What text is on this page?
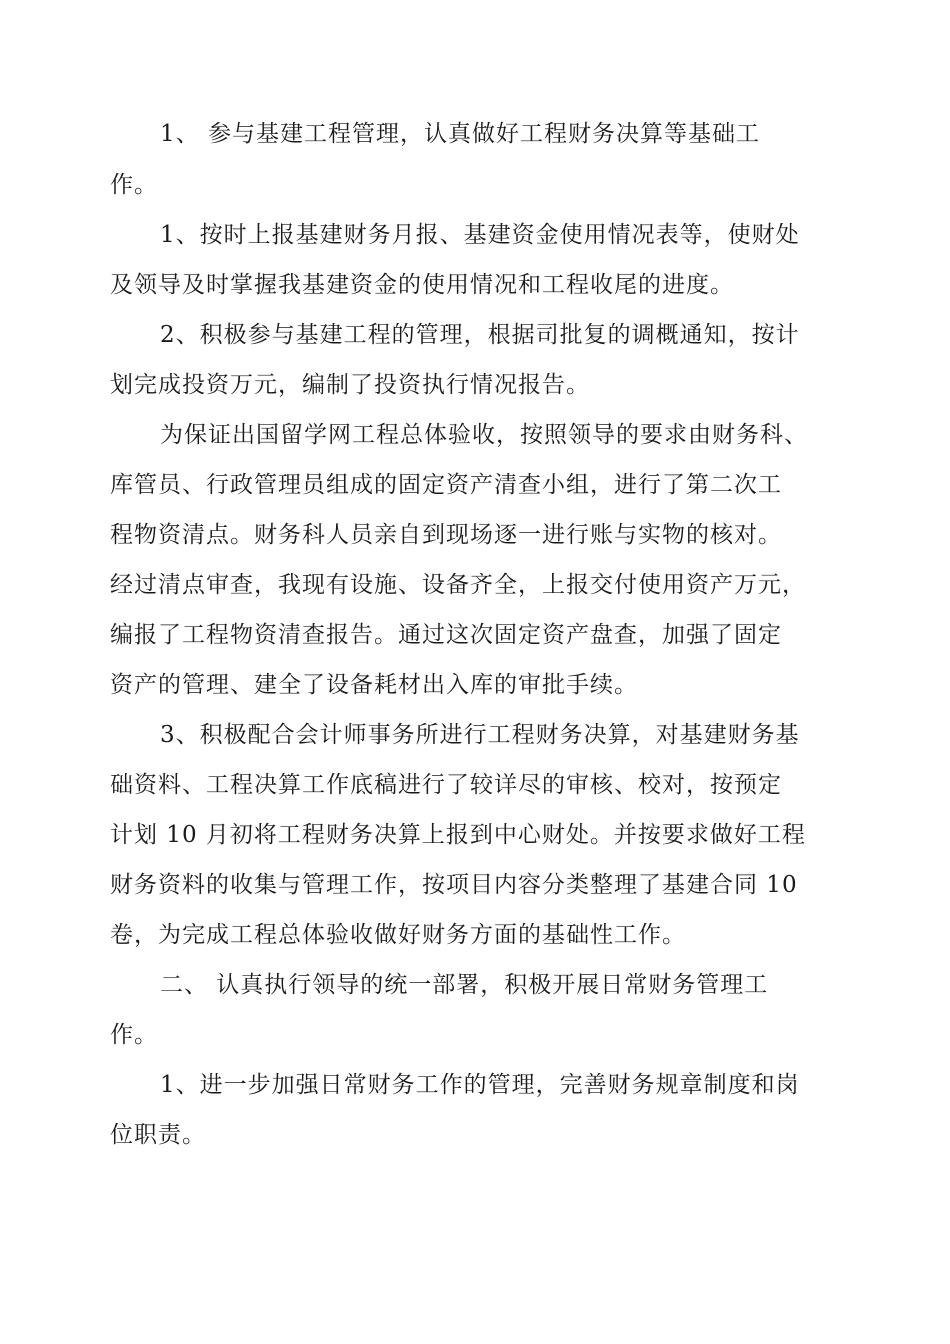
1、 参与基建工程管理，认真做好工程财务决算等基础工
作。
1、按时上报基建财务月报、基建资金使用情况表等，使财处
及领导及时掌握我基建资金的使用情况和工程收尾的进度。
2、积极参与基建工程的管理，根据司批复的调概通知，按计
划完成投资万元，编制了投资执行情况报告。
为保证出国留学网工程总体验收，按照领导的要求由财务科、
库管员、行政管理员组成的固定资产清查小组，进行了第二次工
程物资清点。财务科人员亲自到现场逐一进行账与实物的核对。
经过清点审查，我现有设施、设备齐全，上报交付使用资产万元，
编报了工程物资清查报告。通过这次固定资产盘查，加强了固定
资产的管理、建全了设备耗材出入库的审批手续。
3、积极配合会计师事务所进行工程财务决算，对基建财务基
础资料、工程决算工作底稿进行了较详尽的审核、校对，按预定
计划 10 月初将工程财务决算上报到中心财处。并按要求做好工程
财务资料的收集与管理工作，按项目内容分类整理了基建合同 10
卷，为完成工程总体验收做好财务方面的基础性工作。
二、 认真执行领导的统一部署，积极开展日常财务管理工
作。
1、进一步加强日常财务工作的管理，完善财务规章制度和岗
位职责。
